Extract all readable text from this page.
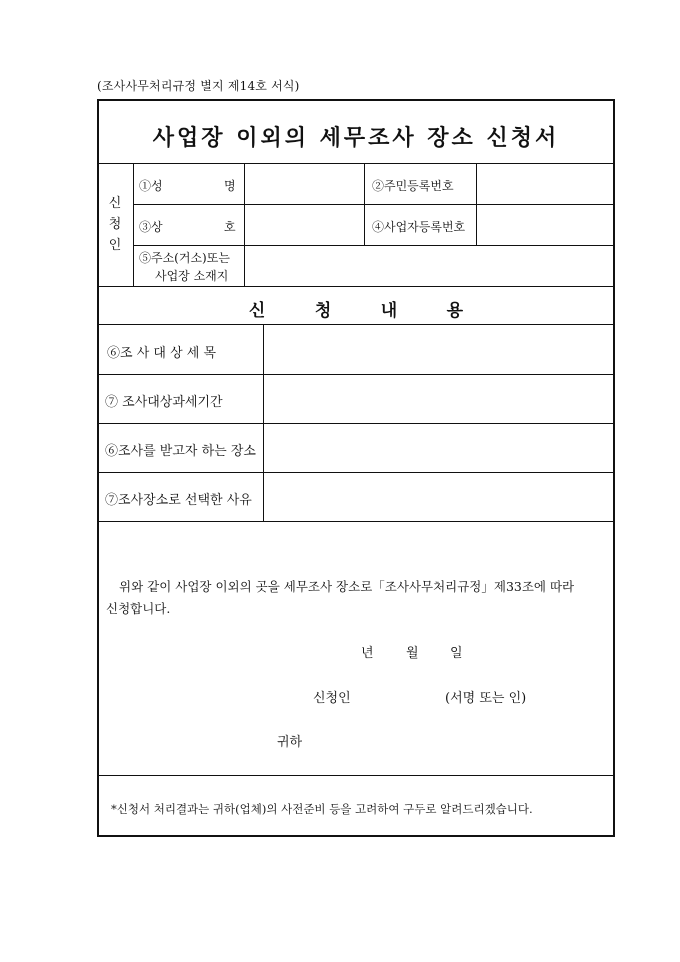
(조사사무처리규정 별지 제14호 서식)
사업장 이외의 세무조사 장소 신청서
신
청
인
①성	명	②주민등록번호
③상	호	④사업자등록번호
⑤주소(거소)또는
사업장 소재지
신	청	내	용
⑥조 사 대 상 세 목
⑦ 조사대상과세기간
⑥조사를 받고자 하는 장소
⑦조사장소로 선택한 사유
위와 같이 사업장 이외의 곳을 세무조사 장소로「조사사무처리규정」제33조에 따라
신청합니다.
년 월 일
신청인	(서명 또는 인)
귀하
*신청서 처리결과는 귀하(업체)의 사전준비 등을 고려하여 구두로 알려드리겠습니다.
